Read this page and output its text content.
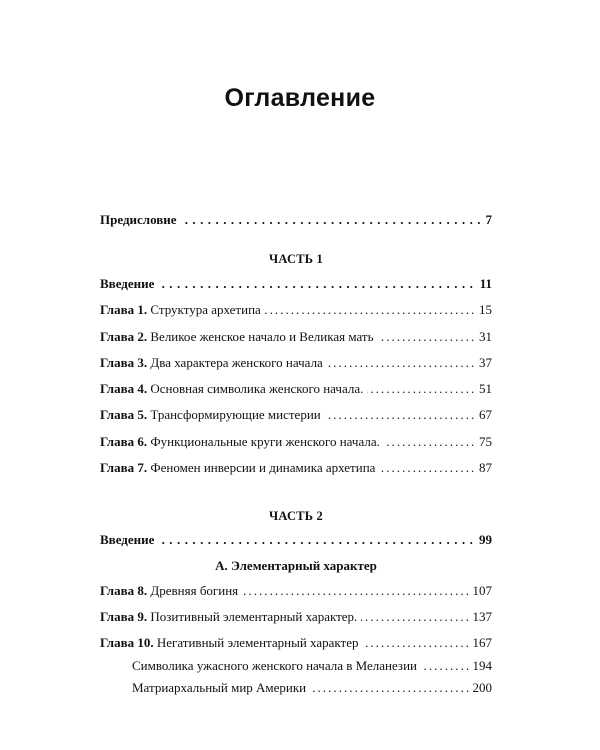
Оглавление
7
Предисловие
ЧАСТЬ 1
11
Введение
15
Глава 1. Структура архетипа
31
Глава 2. Великое женское начало и Великая мать
37
Глава 3. Два характера женского начала
51
Глава 4. Основная символика женского начала.
67
Глава 5. Трансформирующие мистерии
75
Глава 6. Функциональные круги женского начала.
87
Глава 7. Феномен инверсии и динамика архетипа
ЧАСТЬ 2
99
Введение
А. Элементарный характер
107
Глава 8. Древняя богиня
137
Глава 9. Позитивный элементарный характер.
167
Глава 10. Негативный элементарный характер
194
Символика ужасного женского начала в Меланезии
200
Матриархальный мир Америки
